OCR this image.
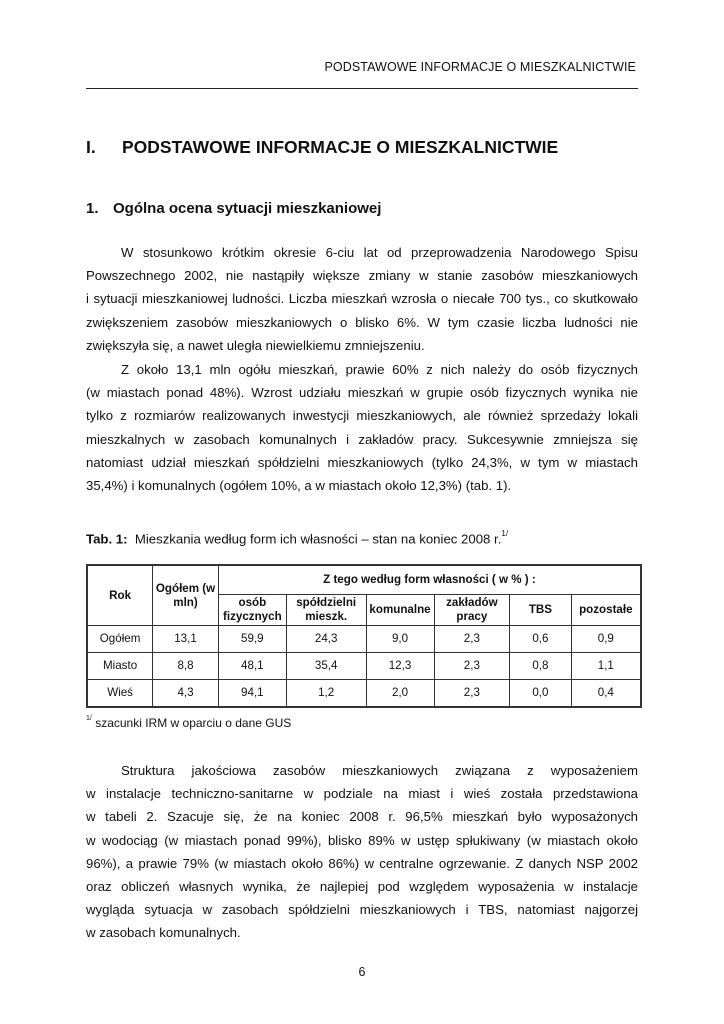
PODSTAWOWE INFORMACJE O MIESZKALNICTWIE
I. PODSTAWOWE INFORMACJE O MIESZKALNICTWIE
1. Ogólna ocena sytuacji mieszkaniowej

W stosunkowo krótkim okresie 6-ciu lat od przeprowadzenia Narodowego Spisu
Powszechnego 2002, nie nastąpiły większe zmiany w stanie zasobów mieszkaniowych
i sytuacji mieszkaniowej ludności. Liczba mieszkań wzrosła o niecałe 700 tys., co skutkowało
zwiększeniem zasobów mieszkaniowych o blisko 6%. W tym czasie liczba ludności nie
zwiększyła się, a nawet uległa niewielkiemu zmniejszeniu.

Z około 13,1 mln ogółu mieszkań, prawie 60% z nich należy do osób fizycznych
(w miastach ponad 48%). Wzrost udziału mieszkań w grupie osób fizycznych wynika nie
tylko z rozmiarów realizowanych inwestycji mieszkaniowych, ale również sprzedaży lokali
mieszkalnych w zasobach komunalnych i zakładów pracy. Sukcesywnie zmniejsza się
natomiast udział mieszkań spółdzielni mieszkaniowych (tylko 24,3%, w tym w miastach
35,4%) i komunalnych (ogółem 10%, a w miastach około 12,3%) (tab. 1).

Tab. 1: Mieszkania według form ich własności – stan na koniec 2008 r.$^{1/}$
Rok	Ogółem (w mln)	Z tego według form własności ( w % ) :					
		osób fizycznych	spółdzielni mieszk.	komunalne	zakładów pracy	TBS	pozostałe
Ogółem	13,1	59,9	24,3	9,0	2,3	0,6	0,9
Miasto	8,8	48,1	35,4	12,3	2,3	0,8	1,1
Wieś	4,3	94,1	1,2	2,0	2,3	0,0	0,4
$^{1/}$ szacunki IRM w oparciu o dane GUS

Struktura jakościowa zasobów mieszkaniowych związana z wyposażeniem
w instalacje techniczno-sanitarne w podziale na miast i wieś została przedstawiona
w tabeli 2. Szacuje się, że na koniec 2008 r. 96,5% mieszkań było wyposażonych
w wodociąg (w miastach ponad 99%), blisko 89% w ustęp spłukiwany (w miastach około
96%), a prawie 79% (w miastach około 86%) w centralne ogrzewanie. Z danych NSP 2002
oraz obliczeń własnych wynika, że najlepiej pod względem wyposażenia w instalacje
wygląda sytuacja w zasobach spółdzielni mieszkaniowych i TBS, natomiast najgorzej
w zasobach komunalnych.

6
